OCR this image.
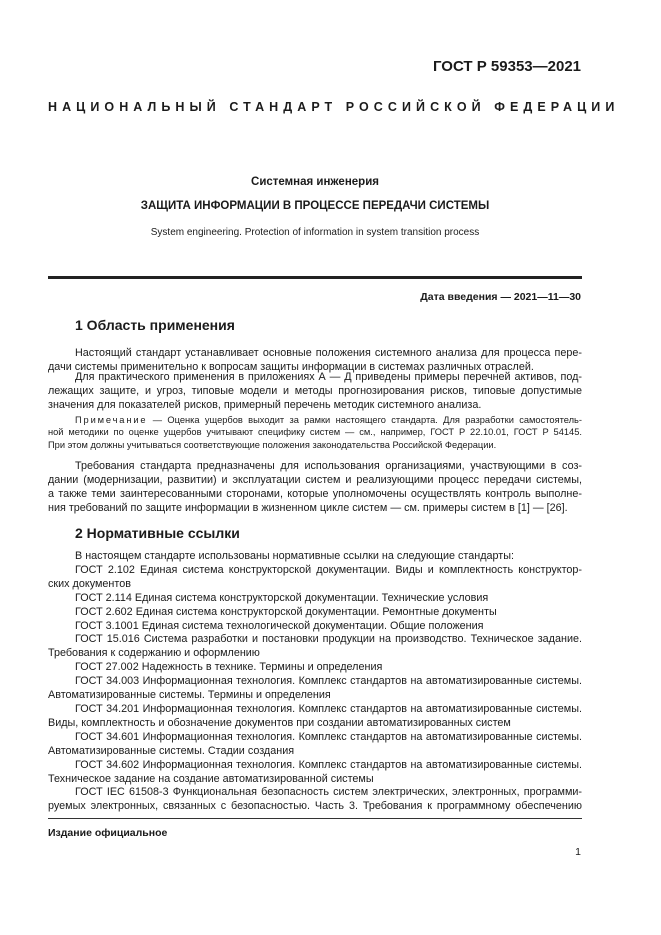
ГОСТ Р 59353—2021
НАЦИОНАЛЬНЫЙ СТАНДАРТ РОССИЙСКОЙ ФЕДЕРАЦИИ
Системная инженерия
ЗАЩИТА ИНФОРМАЦИИ В ПРОЦЕССЕ ПЕРЕДАЧИ СИСТЕМЫ
System engineering. Protection of information in system transition process
Дата введения — 2021—11—30
1 Область применения
Настоящий стандарт устанавливает основные положения системного анализа для процесса пере-
дачи системы применительно к вопросам защиты информации в системах различных отраслей.
Для практического применения в приложениях А — Д приведены примеры перечней активов, под-
лежащих защите, и угроз, типовые модели и методы прогнозирования рисков, типовые допустимые
значения для показателей рисков, примерный перечень методик системного анализа.
Примечание — Оценка ущербов выходит за рамки настоящего стандарта. Для разработки самостоятель-
ной методики по оценке ущербов учитывают специфику систем — см., например, ГОСТ Р 22.10.01, ГОСТ Р 54145.
При этом должны учитываться соответствующие положения законодательства Российской Федерации.
Требования стандарта предназначены для использования организациями, участвующими в соз-
дании (модернизации, развитии) и эксплуатации систем и реализующими процесс передачи системы,
а также теми заинтересованными сторонами, которые уполномочены осуществлять контроль выполне-
ния требований по защите информации в жизненном цикле систем — см. примеры систем в [1] — [26].
2 Нормативные ссылки
В настоящем стандарте использованы нормативные ссылки на следующие стандарты:
ГОСТ 2.102 Единая система конструкторской документации. Виды и комплектность конструктор-
ских документов
ГОСТ 2.114 Единая система конструкторской документации. Технические условия
ГОСТ 2.602 Единая система конструкторской документации. Ремонтные документы
ГОСТ 3.1001 Единая система технологической документации. Общие положения
ГОСТ 15.016 Система разработки и постановки продукции на производство. Техническое задание.
Требования к содержанию и оформлению
ГОСТ 27.002 Надежность в технике. Термины и определения
ГОСТ 34.003 Информационная технология. Комплекс стандартов на автоматизированные системы.
Автоматизированные системы. Термины и определения
ГОСТ 34.201 Информационная технология. Комплекс стандартов на автоматизированные системы.
Виды, комплектность и обозначение документов при создании автоматизированных систем
ГОСТ 34.601 Информационная технология. Комплекс стандартов на автоматизированные системы.
Автоматизированные системы. Стадии создания
ГОСТ 34.602 Информационная технология. Комплекс стандартов на автоматизированные системы.
Техническое задание на создание автоматизированной системы
ГОСТ IEC 61508-3 Функциональная безопасность систем электрических, электронных, программи-
руемых электронных, связанных с безопасностью. Часть 3. Требования к программному обеспечению
Издание официальное
1
